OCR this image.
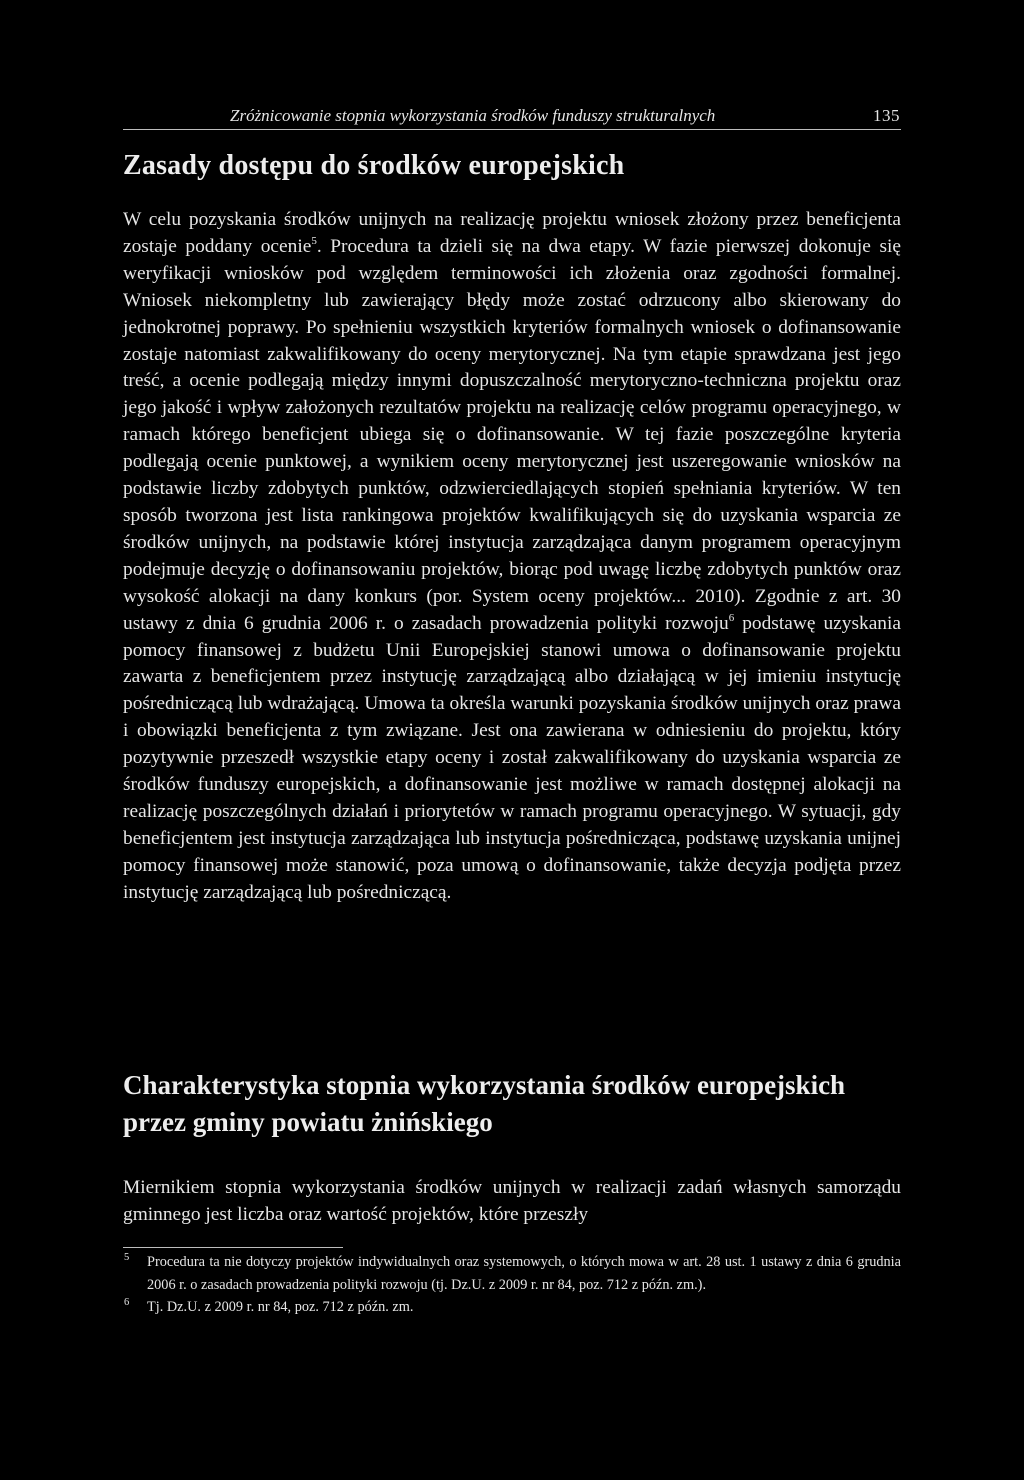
Zróżnicowanie stopnia wykorzystania środków funduszy strukturalnych	135
Zasady dostępu do środków europejskich

W celu pozyskania środków unijnych na realizację projektu wniosek złożony przez beneficjenta zostaje poddany ocenie$^5$. Procedura ta dzieli się na dwa etapy. W fazie pierwszej dokonuje się weryfikacji wniosków pod względem terminowości ich złożenia oraz zgodności formalnej. Wniosek niekompletny lub zawierający błędy może zostać odrzucony albo skierowany do jednokrotnej poprawy. Po spełnieniu wszystkich kryteriów formalnych wniosek o dofinansowanie zostaje natomiast zakwalifikowany do oceny merytorycznej. Na tym etapie sprawdzana jest jego treść, a ocenie podlegają między innymi dopuszczalność merytoryczno-techniczna projektu oraz jego jakość i wpływ założonych rezultatów projektu na realizację celów programu operacyjnego, w ramach którego beneficjent ubiega się o dofinansowanie. W tej fazie poszczególne kryteria podlegają ocenie punktowej, a wynikiem oceny merytorycznej jest uszeregowanie wniosków na podstawie liczby zdobytych punktów, odzwierciedlających stopień spełniania kryteriów. W ten sposób tworzona jest lista rankingowa projektów kwalifikujących się do uzyskania wsparcia ze środków unijnych, na podstawie której instytucja zarządzająca danym programem operacyjnym podejmuje decyzję o dofinansowaniu projektów, biorąc pod uwagę liczbę zdobytych punktów oraz wysokość alokacji na dany konkurs (por. System oceny projektów... 2010). Zgodnie z art. 30 ustawy z dnia 6 grudnia 2006 r. o zasadach prowadzenia polityki rozwoju$^6$ podstawę uzyskania pomocy finansowej z budżetu Unii Europejskiej stanowi umowa o dofinansowanie projektu zawarta z beneficjentem przez instytucję zarządzającą albo działającą w jej imieniu instytucję pośredniczącą lub wdrażającą. Umowa ta określa warunki pozyskania środków unijnych oraz prawa i obowiązki beneficjenta z tym związane. Jest ona zawierana w odniesieniu do projektu, który pozytywnie przeszedł wszystkie etapy oceny i został zakwalifikowany do uzyskania wsparcia ze środków funduszy europejskich, a dofinansowanie jest możliwe w ramach dostępnej alokacji na realizację poszczególnych działań i priorytetów w ramach programu operacyjnego. W sytuacji, gdy beneficjentem jest instytucja zarządzająca lub instytucja pośrednicząca, podstawę uzyskania unijnej pomocy finansowej może stanowić, poza umową o dofinansowanie, także decyzja podjęta przez instytucję zarządzającą lub pośredniczącą.

Charakterystyka stopnia wykorzystania środków europejskich przez gminy powiatu żnińskiego

Miernikiem stopnia wykorzystania środków unijnych w realizacji zadań własnych samorządu gminnego jest liczba oraz wartość projektów, które przeszły

5 Procedura ta nie dotyczy projektów indywidualnych oraz systemowych, o których mowa w art. 28 ust. 1 ustawy z dnia 6 grudnia 2006 r. o zasadach prowadzenia polityki rozwoju (tj. Dz.U. z 2009 r. nr 84, poz. 712 z późn. zm.).

6 Tj. Dz.U. z 2009 r. nr 84, poz. 712 z późn. zm.
